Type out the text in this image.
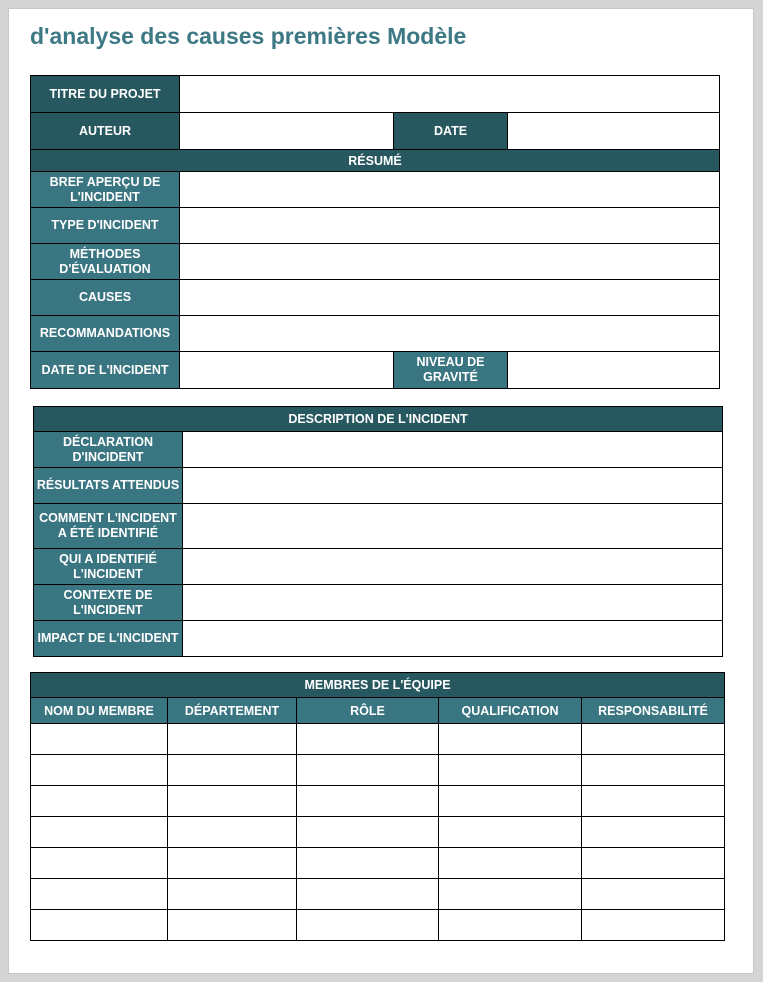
d'analyse des causes premières Modèle
TITRE DU PROJET			
AUTEUR		DATE	
RÉSUMÉ			
BREF APERÇU DE L'INCIDENT			
TYPE D'INCIDENT			
MÉTHODES D'ÉVALUATION			
CAUSES			
RECOMMANDATIONS			
DATE DE L'INCIDENT		NIVEAU DE GRAVITÉ	
DESCRIPTION DE L'INCIDENT	
DÉCLARATION D'INCIDENT	
RÉSULTATS ATTENDUS	
COMMENT L'INCIDENT A ÉTÉ IDENTIFIÉ	
QUI A IDENTIFIÉ L'INCIDENT	
CONTEXTE DE L'INCIDENT	
IMPACT DE L'INCIDENT	
MEMBRES DE L'ÉQUIPE				
NOM DU MEMBRE	DÉPARTEMENT	RÔLE	QUALIFICATION	RESPONSABILITÉ
